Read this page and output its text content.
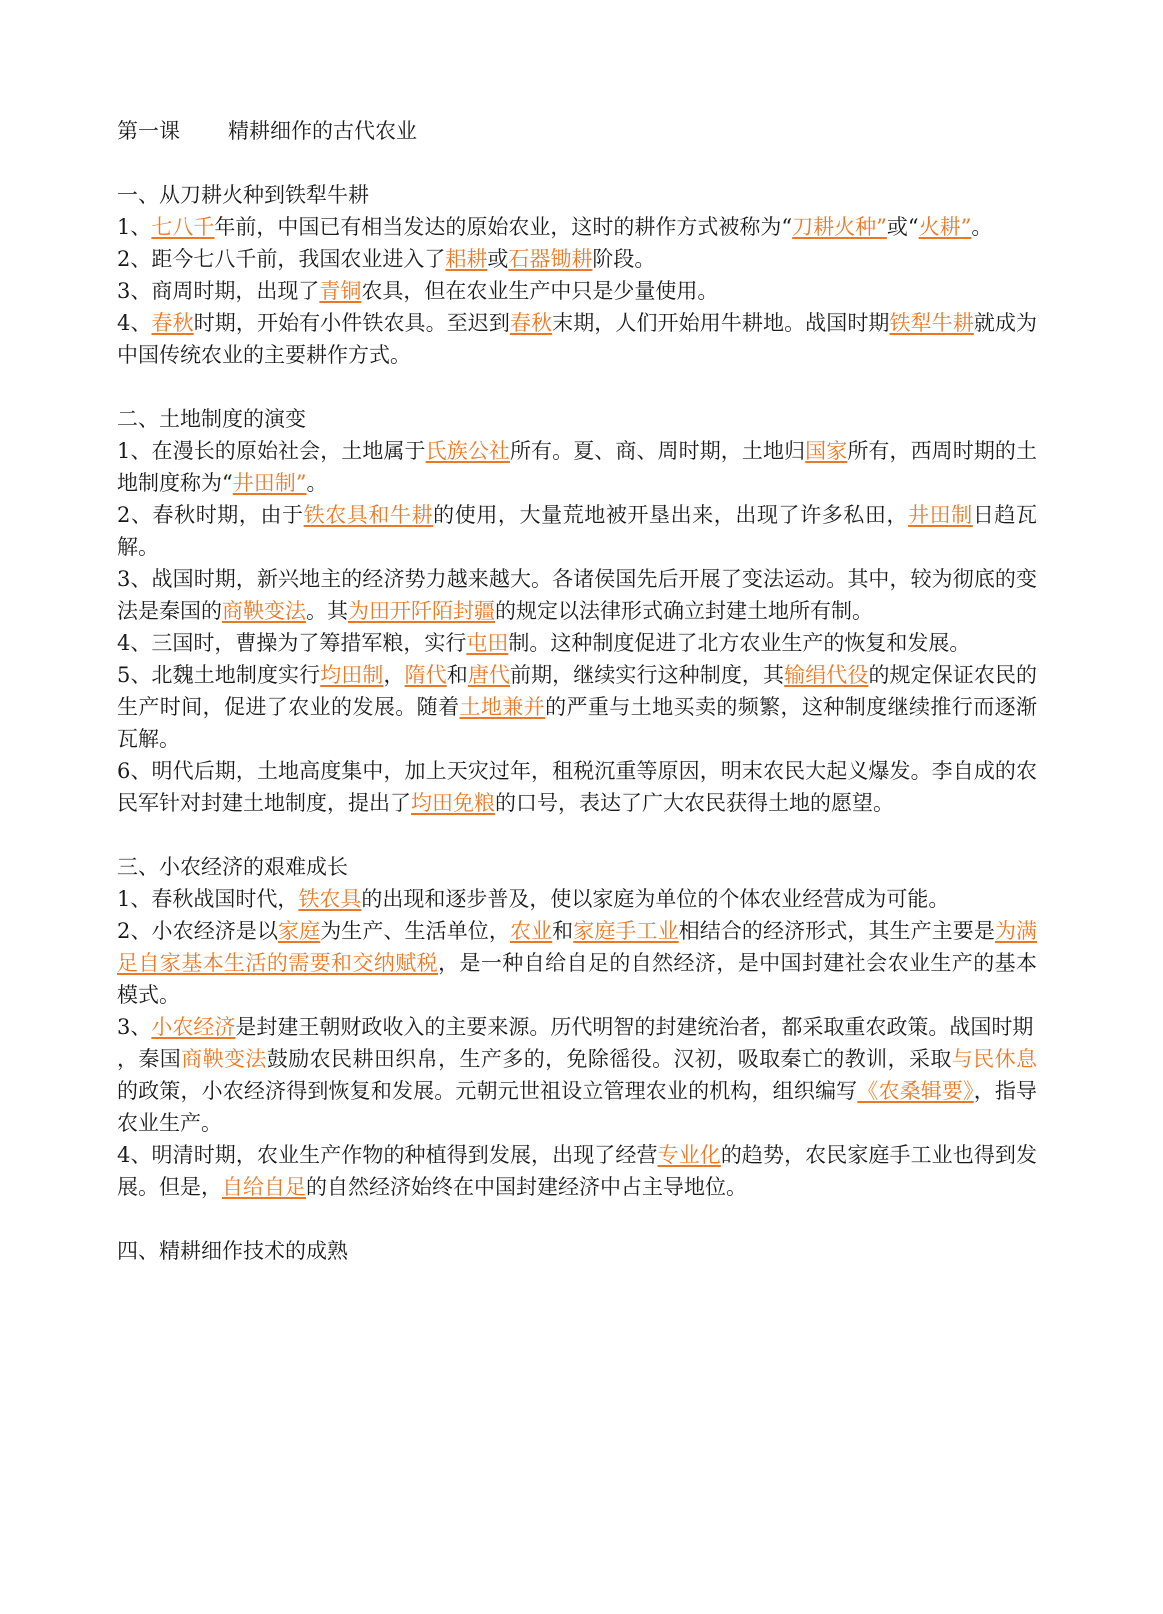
第一课 精耕细作的古代农业

一、从刀耕火种到铁犁牛耕

1、七八千年前，中国已有相当发达的原始农业，这时的耕作方式被称为“刀耕火种”或“火耕”。

2、距今七八千前，我国农业进入了耜耕或石器锄耕阶段。

3、商周时期，出现了青铜农具，但在农业生产中只是少量使用。

4、春秋时期，开始有小件铁农具。至迟到春秋末期，人们开始用牛耕地。战国时期铁犁牛耕就成为中国传统农业的主要耕作方式。

二、土地制度的演变

1、在漫长的原始社会，土地属于氏族公社所有。夏、商、周时期，土地归国家所有，西周时期的土地制度称为“井田制”。

2、春秋时期，由于铁农具和牛耕的使用，大量荒地被开垦出来，出现了许多私田，井田制日趋瓦解。

3、战国时期，新兴地主的经济势力越来越大。各诸侯国先后开展了变法运动。其中，较为彻底的变法是秦国的商鞅变法。其为田开阡陌封疆的规定以法律形式确立封建土地所有制。

4、三国时，曹操为了筹措军粮，实行屯田制。这种制度促进了北方农业生产的恢复和发展。

5、北魏土地制度实行均田制，隋代和唐代前期，继续实行这种制度，其输绢代役的规定保证农民的生产时间，促进了农业的发展。随着土地兼并的严重与土地买卖的频繁，这种制度继续推行而逐渐瓦解。

6、明代后期，土地高度集中，加上天灾过年，租税沉重等原因，明末农民大起义爆发。李自成的农民军针对封建土地制度，提出了均田免粮的口号，表达了广大农民获得土地的愿望。

三、小农经济的艰难成长

1、春秋战国时代，铁农具的出现和逐步普及，使以家庭为单位的个体农业经营成为可能。

2、小农经济是以家庭为生产、生活单位，农业和家庭手工业相结合的经济形式，其生产主要是为满足自家基本生活的需要和交纳赋税，是一种自给自足的自然经济，是中国封建社会农业生产的基本模式。

3、小农经济是封建王朝财政收入的主要来源。历代明智的封建统治者，都采取重农政策。战国时期
，秦国商鞅变法鼓励农民耕田织帛，生产多的，免除徭役。汉初，吸取秦亡的教训，采取与民休息的政策，小农经济得到恢复和发展。元朝元世祖设立管理农业的机构，组织编写《农桑辑要》，指导农业生产。

4、明清时期，农业生产作物的种植得到发展，出现了经营专业化的趋势，农民家庭手工业也得到发展。但是，自给自足的自然经济始终在中国封建经济中占主导地位。

四、精耕细作技术的成熟
